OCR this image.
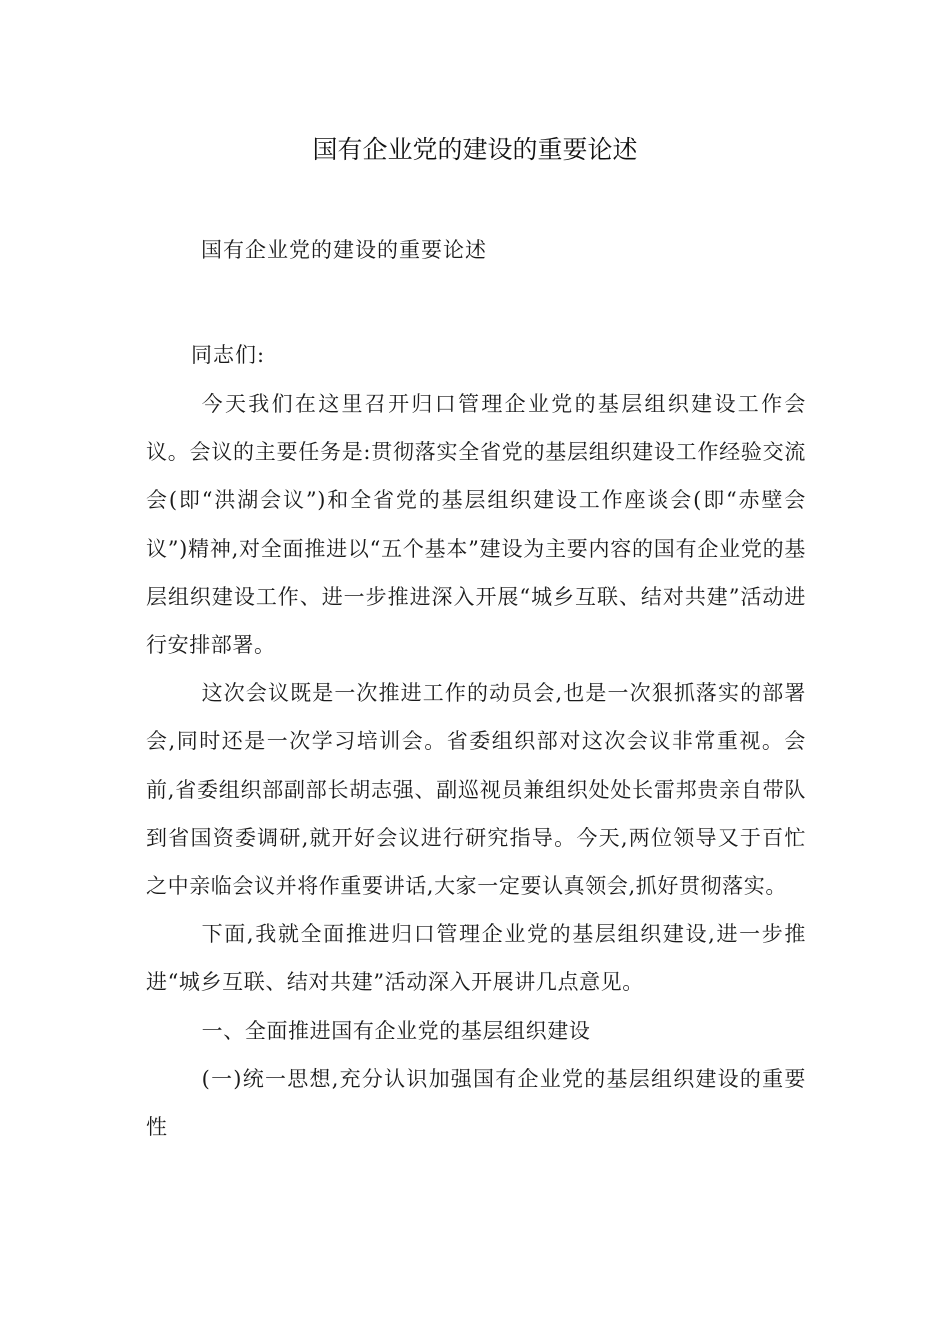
国有企业党的建设的重要论述
国有企业党的建设的重要论述
同志们:

今天我们在这里召开归口管理企业党的基层组织建设工作会议。会议的主要任务是:贯彻落实全省党的基层组织建设工作经验交流会(即“洪湖会议”)和全省党的基层组织建设工作座谈会(即“赤壁会议”)精神,对全面推进以“五个基本”建设为主要内容的国有企业党的基层组织建设工作、进一步推进深入开展“城乡互联、结对共建”活动进行安排部署。

这次会议既是一次推进工作的动员会,也是一次狠抓落实的部署会,同时还是一次学习培训会。省委组织部对这次会议非常重视。会前,省委组织部副部长胡志强、副巡视员兼组织处处长雷邦贵亲自带队到省国资委调研,就开好会议进行研究指导。今天,两位领导又于百忙之中亲临会议并将作重要讲话,大家一定要认真领会,抓好贯彻落实。

下面,我就全面推进归口管理企业党的基层组织建设,进一步推进“城乡互联、结对共建”活动深入开展讲几点意见。

一、全面推进国有企业党的基层组织建设

(一)统一思想,充分认识加强国有企业党的基层组织建设的重要性
